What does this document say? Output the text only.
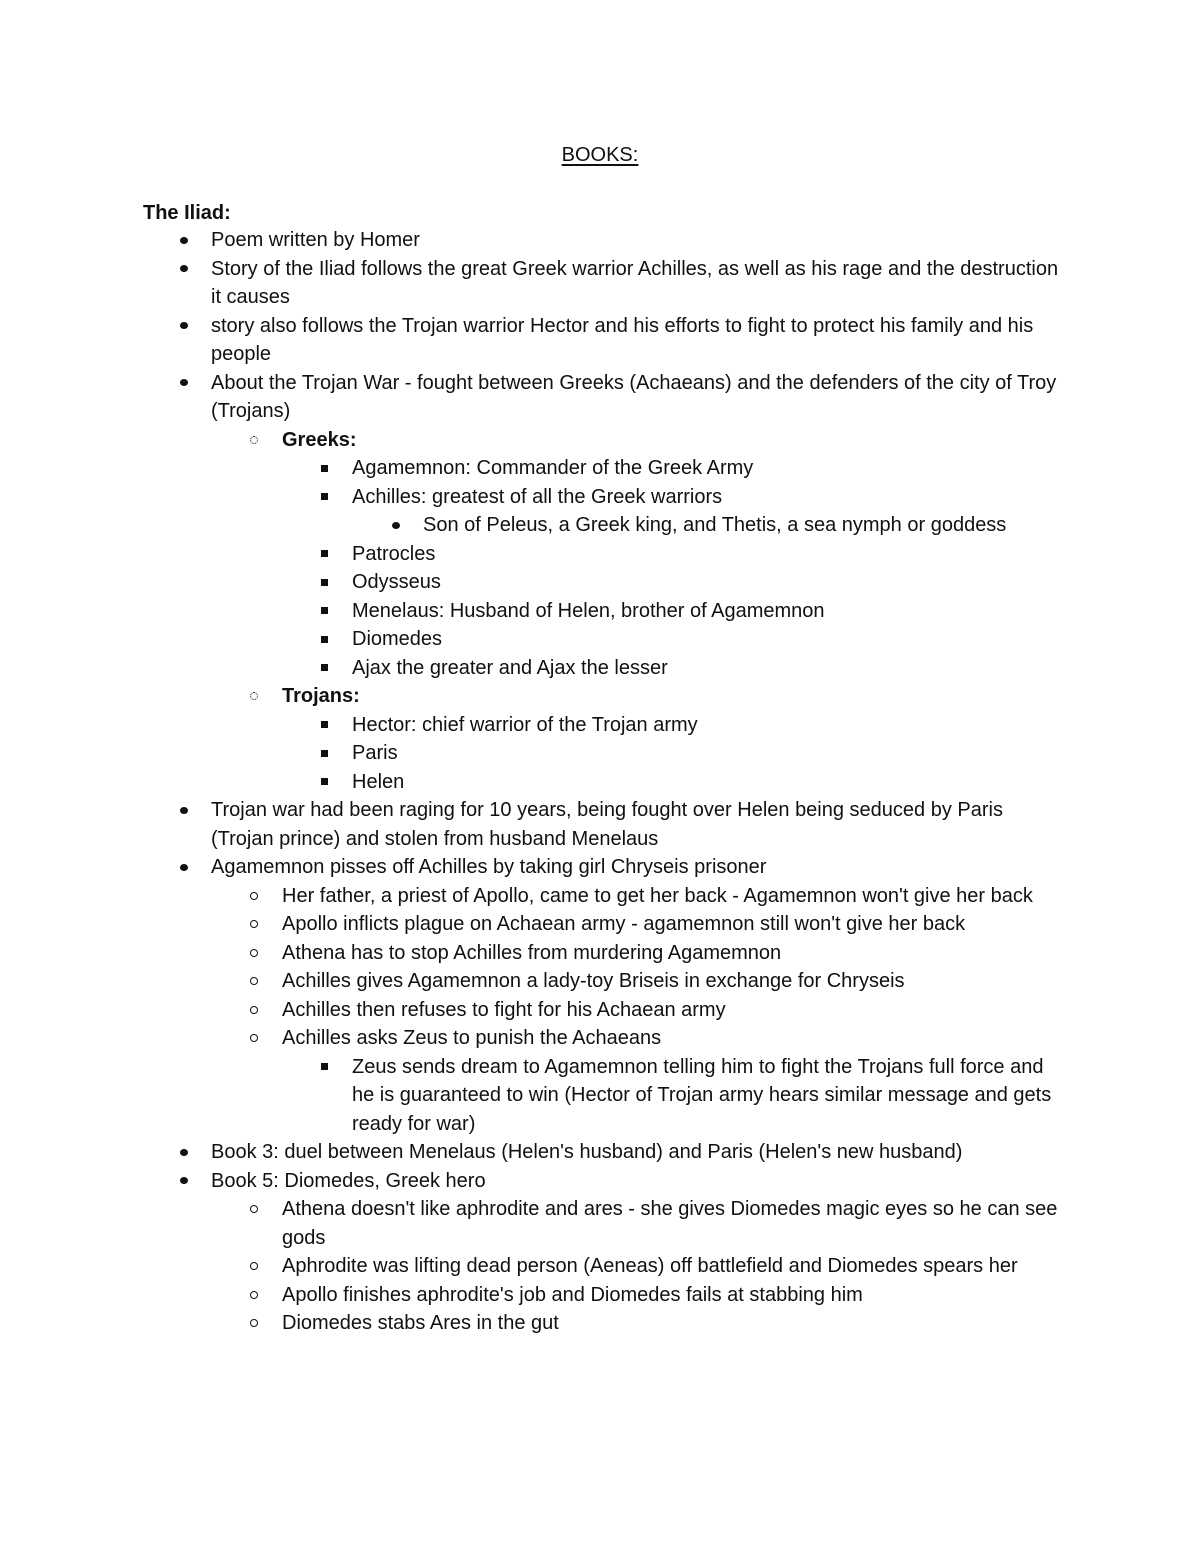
BOOKS:
The Iliad:
Poem written by Homer
Story of the Iliad follows the great Greek warrior Achilles, as well as his rage and the destruction it causes
story also follows the Trojan warrior Hector and his efforts to fight to protect his family and his people
About the Trojan War - fought between Greeks (Achaeans) and the defenders of the city of Troy (Trojans)
Greeks:
Agamemnon: Commander of the Greek Army
Achilles: greatest of all the Greek warriors
Son of Peleus, a Greek king, and Thetis, a sea nymph or goddess
Patrocles
Odysseus
Menelaus: Husband of Helen, brother of Agamemnon
Diomedes
Ajax the greater and Ajax the lesser
Trojans:
Hector: chief warrior of the Trojan army
Paris
Helen
Trojan war had been raging for 10 years, being fought over Helen being seduced by Paris (Trojan prince) and stolen from husband Menelaus
Agamemnon pisses off Achilles by taking girl Chryseis prisoner
Her father, a priest of Apollo, came to get her back - Agamemnon won't give her back
Apollo inflicts plague on Achaean army - agamemnon still won't give her back
Athena has to stop Achilles from murdering Agamemnon
Achilles gives Agamemnon a lady-toy Briseis in exchange for Chryseis
Achilles then refuses to fight for his Achaean army
Achilles asks Zeus to punish the Achaeans
Zeus sends dream to Agamemnon telling him to fight the Trojans full force and he is guaranteed to win (Hector of Trojan army hears similar message and gets ready for war)
Book 3: duel between Menelaus (Helen's husband) and Paris (Helen's new husband)
Book 5: Diomedes, Greek hero
Athena doesn't like aphrodite and ares - she gives Diomedes magic eyes so he can see gods
Aphrodite was lifting dead person (Aeneas) off battlefield and Diomedes spears her
Apollo finishes aphrodite's job and Diomedes fails at stabbing him
Diomedes stabs Ares in the gut
